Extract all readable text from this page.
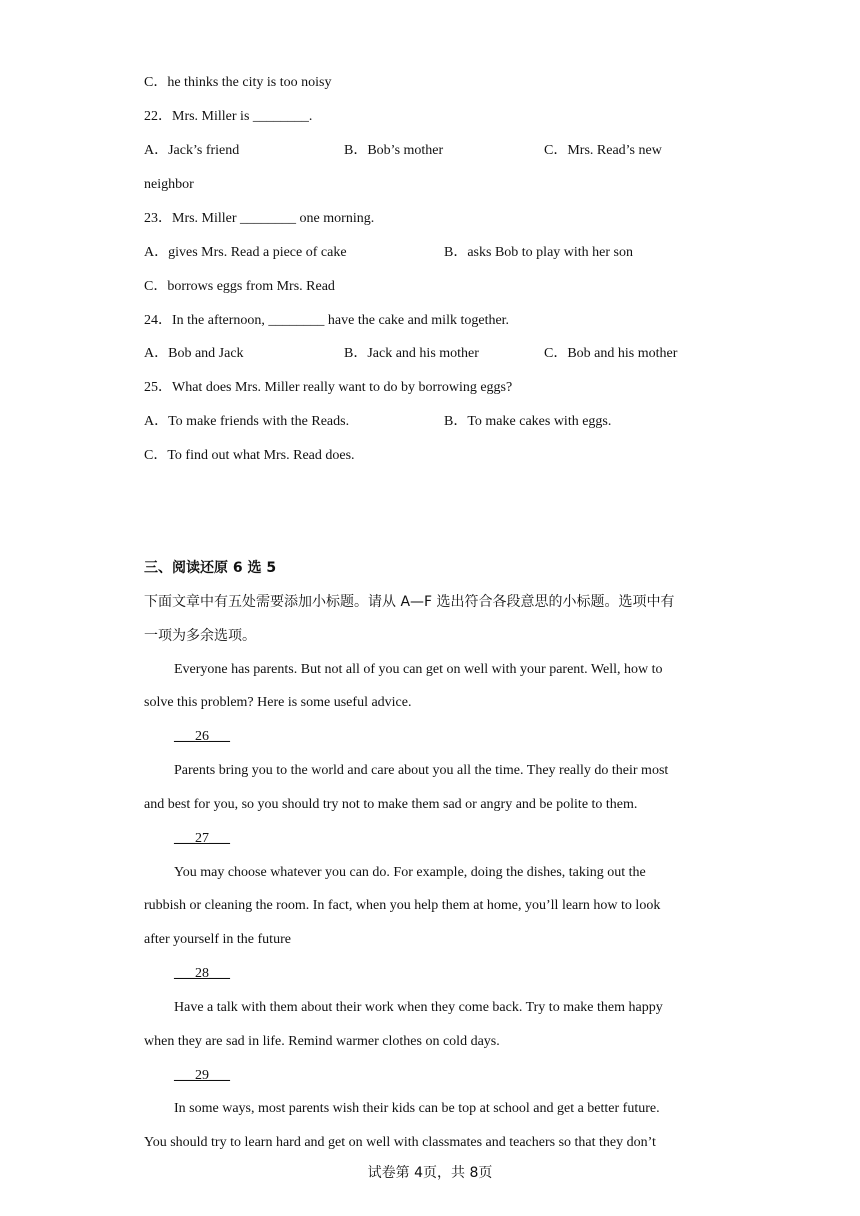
C．he thinks the city is too noisy
22．Mrs. Miller is ________.
A．Jack’s friend	B．Bob’s mother	C．Mrs. Read’s new
neighbor
23．Mrs. Miller ________ one morning.
A．gives Mrs. Read a piece of cake	B．asks Bob to play with her son
C．borrows eggs from Mrs. Read
24．In the afternoon, ________ have the cake and milk together.
A．Bob and Jack	B．Jack and his mother	C．Bob and his mother
25．What does Mrs. Miller really want to do by borrowing eggs?
A．To make friends with the Reads.	B．To make cakes with eggs.
C．To find out what Mrs. Read does.
三、阅读还原 6 选 5
下面文章中有五处需要添加小标题。请从 A—F 选出符合各段意思的小标题。选项中有
一项为多余选项。
Everyone has parents. But not all of you can get on well with your parent. Well, how to
solve this problem? Here is some useful advice.
___26___
Parents bring you to the world and care about you all the time. They really do their most
and best for you, so you should try not to make them sad or angry and be polite to them.
___27___
You may choose whatever you can do. For example, doing the dishes, taking out the
rubbish or cleaning the room. In fact, when you help them at home, you’ll learn how to look
after yourself in the future
___28___
Have a talk with them about their work when they come back. Try to make them happy
when they are sad in life. Remind warmer clothes on cold days.
___29___
In some ways, most parents wish their kids can be top at school and get a better future.
You should try to learn hard and get on well with classmates and teachers so that they don’t
试卷第 4页，共 8页
